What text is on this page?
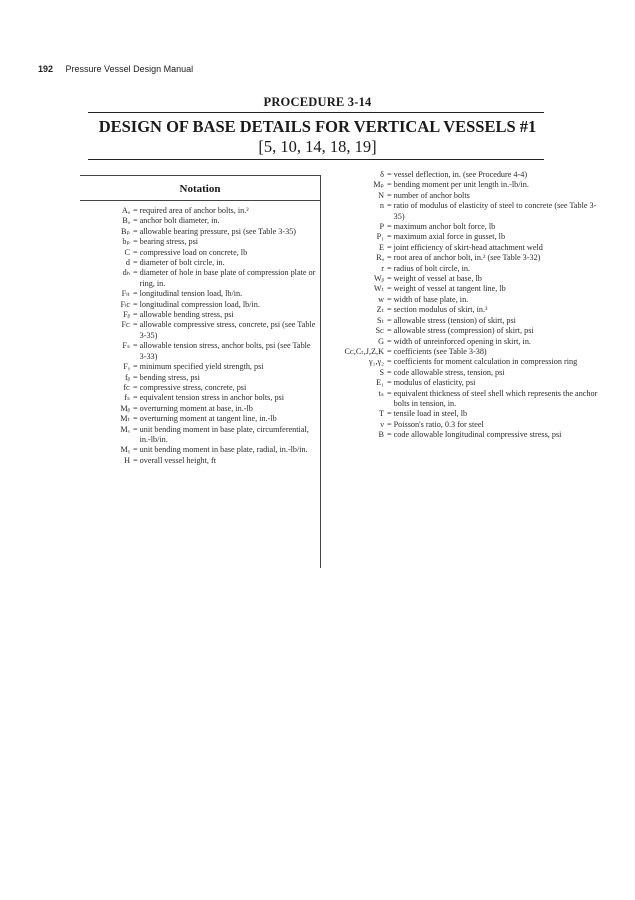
192 Pressure Vessel Design Manual
PROCEDURE 3-14
DESIGN OF BASE DETAILS FOR VERTICAL VESSELS #1
[5, 10, 14, 18, 19]
Notation
Aₐ = required area of anchor bolts, in.²
Bₐ = anchor bolt diameter, in.
Bₚ = allowable bearing pressure, psi (see Table 3-35)
bₚ = bearing stress, psi
C = compressive load on concrete, lb
d = diameter of bolt circle, in.
dₕ = diameter of hole in base plate of compression plate or ring, in.
Fₗₜ = longitudinal tension load, lb/in.
Fₗc = longitudinal compression load, lb/in.
Fᵦ = allowable bending stress, psi
Fᴄ = allowable compressive stress, concrete, psi (see Table 3-35)
Fₛ = allowable tension stress, anchor bolts, psi (see Table 3-33)
Fᵧ = minimum specified yield strength, psi
fᵦ = bending stress, psi
fᴄ = compressive stress, concrete, psi
fₛ = equivalent tension stress in anchor bolts, psi
Mᵦ = overturning moment at base, in.-lb
Mₜ = overturning moment at tangent line, in.-lb
Mₓ = unit bending moment in base plate, circumferential, in.-lb/in.
Mᵧ = unit bending moment in base plate, radial, in.-lb/in.
H = overall vessel height, ft
δ = vessel deflection, in. (see Procedure 4-4)
Mₚ = bending moment per unit length in.-lb/in.
N = number of anchor bolts
n = ratio of modulus of elasticity of steel to concrete (see Table 3-35)
P = maximum anchor bolt force, lb
P₁ = maximum axial force in gusset, lb
E = joint efficiency of skirt-head attachment weld
Rₐ = root area of anchor bolt, in.² (see Table 3-32)
r = radius of bolt circle, in.
Wᵦ = weight of vessel at base, lb
Wₜ = weight of vessel at tangent line, lb
w = width of base plate, in.
Zₜ = section modulus of skirt, in.³
Sₜ = allowable stress (tension) of skirt, psi
Sᴄ = allowable stress (compression) of skirt, psi
G = width of unreinforced opening in skirt, in.
Cᴄ,Cₜ,J,Z,K = coefficients (see Table 3-38)
γ₁,γ₂ = coefficients for moment calculation in compression ring
S = code allowable stress, tension, psi
E₁ = modulus of elasticity, psi
tₛ = equivalent thickness of steel shell which represents the anchor bolts in tension, in.
T = tensile load in steel, lb
ν = Poisson's ratio, 0.3 for steel
B = code allowable longitudinal compressive stress, psi
